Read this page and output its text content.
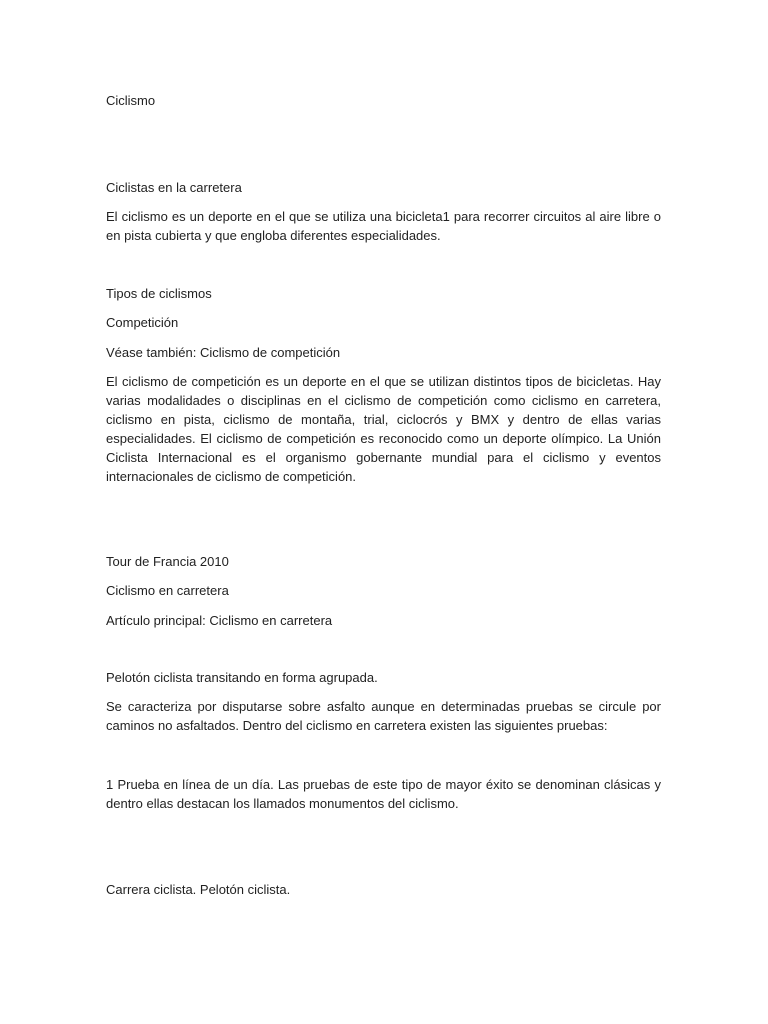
Ciclismo

Ciclistas en la carretera

El ciclismo es un deporte en el que se utiliza una bicicleta1 para recorrer circuitos al aire libre o en pista cubierta y que engloba diferentes especialidades.

Tipos de ciclismos

Competición

Véase también: Ciclismo de competición

El ciclismo de competición es un deporte en el que se utilizan distintos tipos de bicicletas. Hay varias modalidades o disciplinas en el ciclismo de competición como ciclismo en carretera, ciclismo en pista, ciclismo de montaña, trial, ciclocrós y BMX y dentro de ellas varias especialidades. El ciclismo de competición es reconocido como un deporte olímpico. La Unión Ciclista Internacional es el organismo gobernante mundial para el ciclismo y eventos internacionales de ciclismo de competición.

Tour de Francia 2010

Ciclismo en carretera

Artículo principal: Ciclismo en carretera

Pelotón ciclista transitando en forma agrupada.

Se caracteriza por disputarse sobre asfalto aunque en determinadas pruebas se circule por caminos no asfaltados. Dentro del ciclismo en carretera existen las siguientes pruebas:

1 Prueba en línea de un día. Las pruebas de este tipo de mayor éxito se denominan clásicas y dentro ellas destacan los llamados monumentos del ciclismo.

Carrera ciclista. Pelotón ciclista.
